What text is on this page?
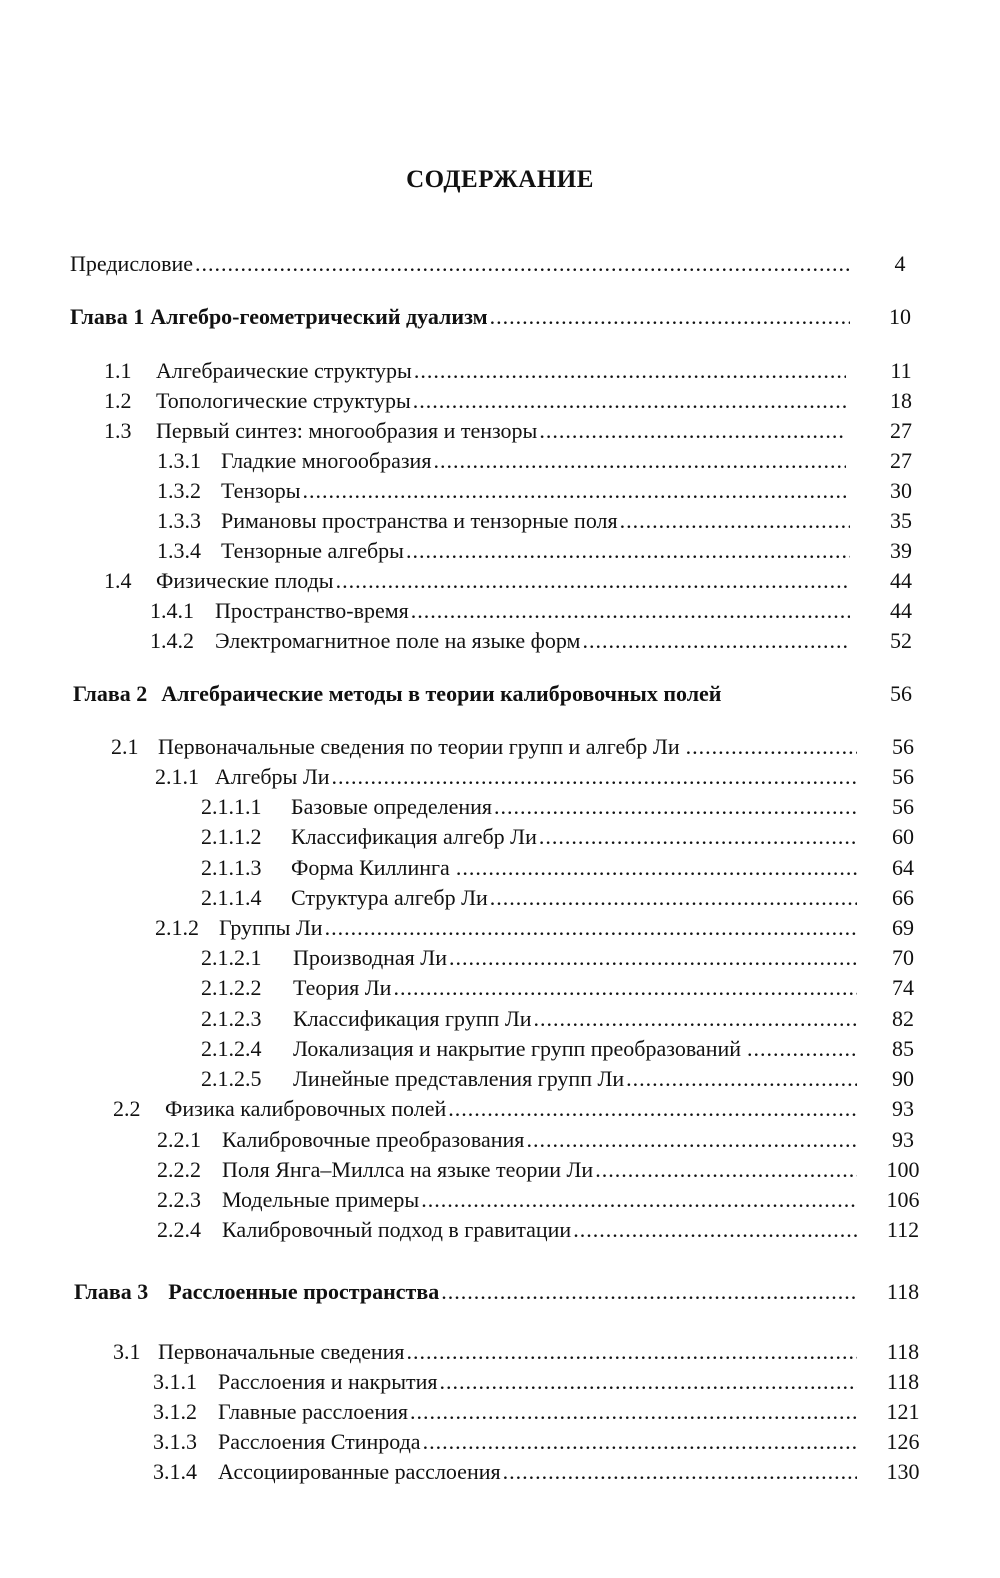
СОДЕРЖАНИЕ
Предисловие .....	4
Глава 1 Алгебро-геометрический дуализм .....	10
1.1	Алгебраические структуры .....	11
1.2	Топологические структуры .....	18
1.3	Первый синтез: многообразия и тензоры .....	27
1.3.1 Гладкие многообразия .....	27
1.3.2 Тензоры .....	30
1.3.3 Римановы пространства и тензорные поля .....	35
1.3.4 Тензорные алгебры .....	39
1.4	Физические плоды .....	44
1.4.1 Пространство-время .....	44
1.4.2 Электромагнитное поле на языке форм .....	52
Глава 2 Алгебраические методы в теории калибровочных полей	56
2.1 Первоначальные сведения по теории групп и алгебр Ли .....	56
2.1.1 Алгебры Ли .....	56
2.1.1.1	Базовые определения .....	56
2.1.1.2	Классификация алгебр Ли .....	60
2.1.1.3	Форма Киллинга .....	64
2.1.1.4	Структура алгебр Ли .....	66
2.1.2 Группы Ли .....	69
2.1.2.1	Производная Ли .....	70
2.1.2.2	Теория Ли .....	74
2.1.2.3	Классификация групп Ли .....	82
2.1.2.4	Локализация и накрытие групп преобразований .....	85
2.1.2.5	Линейные представления групп Ли .....	90
2.2	Физика калибровочных полей .....	93
2.2.1 Калибровочные преобразования .....	93
2.2.2 Поля Янга–Миллса на языке теории Ли .....	100
2.2.3 Модельные примеры .....	106
2.2.4 Калибровочный подход в гравитации .....	112
Глава 3 Расслоенные пространства .....	118
3.1 Первоначальные сведения .....	118
3.1.1 Расслоения и накрытия .....	118
3.1.2 Главные расслоения .....	121
3.1.3 Расслоения Стинрода .....	126
3.1.4 Ассоциированные расслоения .....	130
